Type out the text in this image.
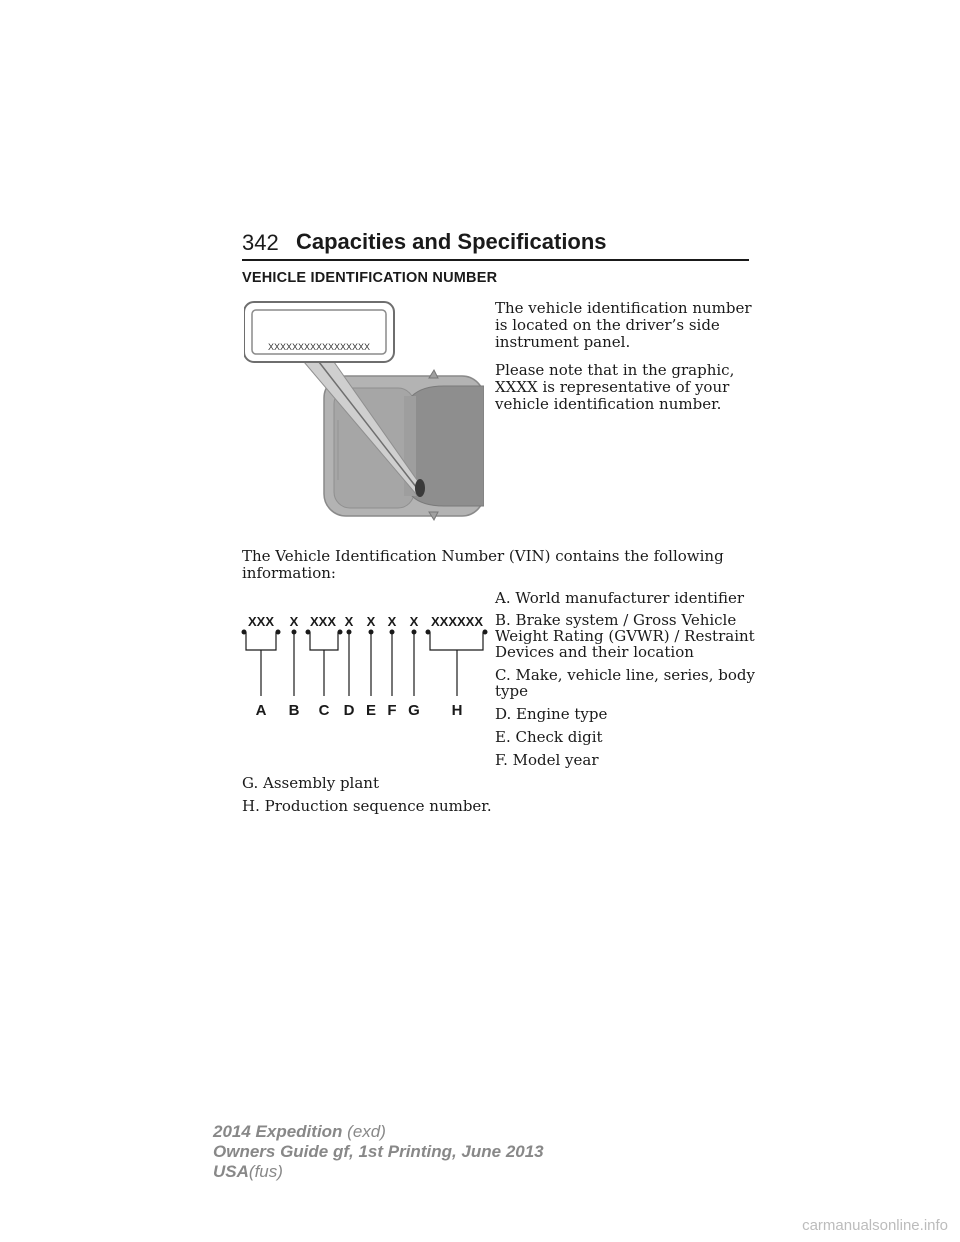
342 Capacities and Specifications
VEHICLE IDENTIFICATION NUMBER
XXXXXXXXXXXXXXXXX
The vehicle identification number is located on the driver’s side instrument panel.
Please note that in the graphic, XXXX is representative of your vehicle identification number.
The Vehicle Identification Number (VIN) contains the following information:
XXX X XXX X X X X XXXXXX
A B C D E F G H
A. World manufacturer identifier
B. Brake system / Gross Vehicle Weight Rating (GVWR) / Restraint Devices and their location
C. Make, vehicle line, series, body type
D. Engine type
E. Check digit
F. Model year
G. Assembly plant
H. Production sequence number.
2014 Expedition (exd)
Owners Guide gf, 1st Printing, June 2013
USA(fus)
carmanualsonline.info
